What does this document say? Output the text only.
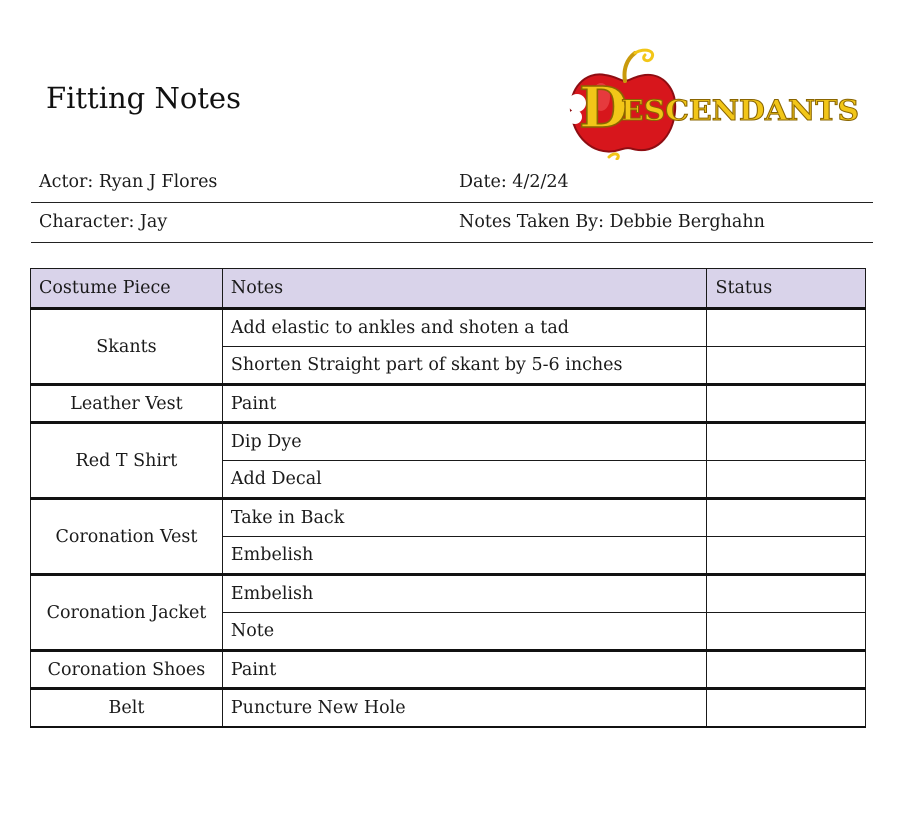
Fitting Notes	D
ESCENDANTS
Actor: Ryan J Flores	Date: 4/2/24
Character: Jay	Notes Taken By: Debbie Berghahn
Costume Piece	Notes	Status
Skants	Add elastic to ankles and shoten a tad	
	Shorten Straight part of skant by 5-6 inches	
Leather Vest	Paint	
Red T Shirt	Dip Dye	
	Add Decal	
Coronation Vest	Take in Back	
	Embelish	
Coronation Jacket	Embelish	
	Note	
Coronation Shoes	Paint	
Belt	Puncture New Hole	
